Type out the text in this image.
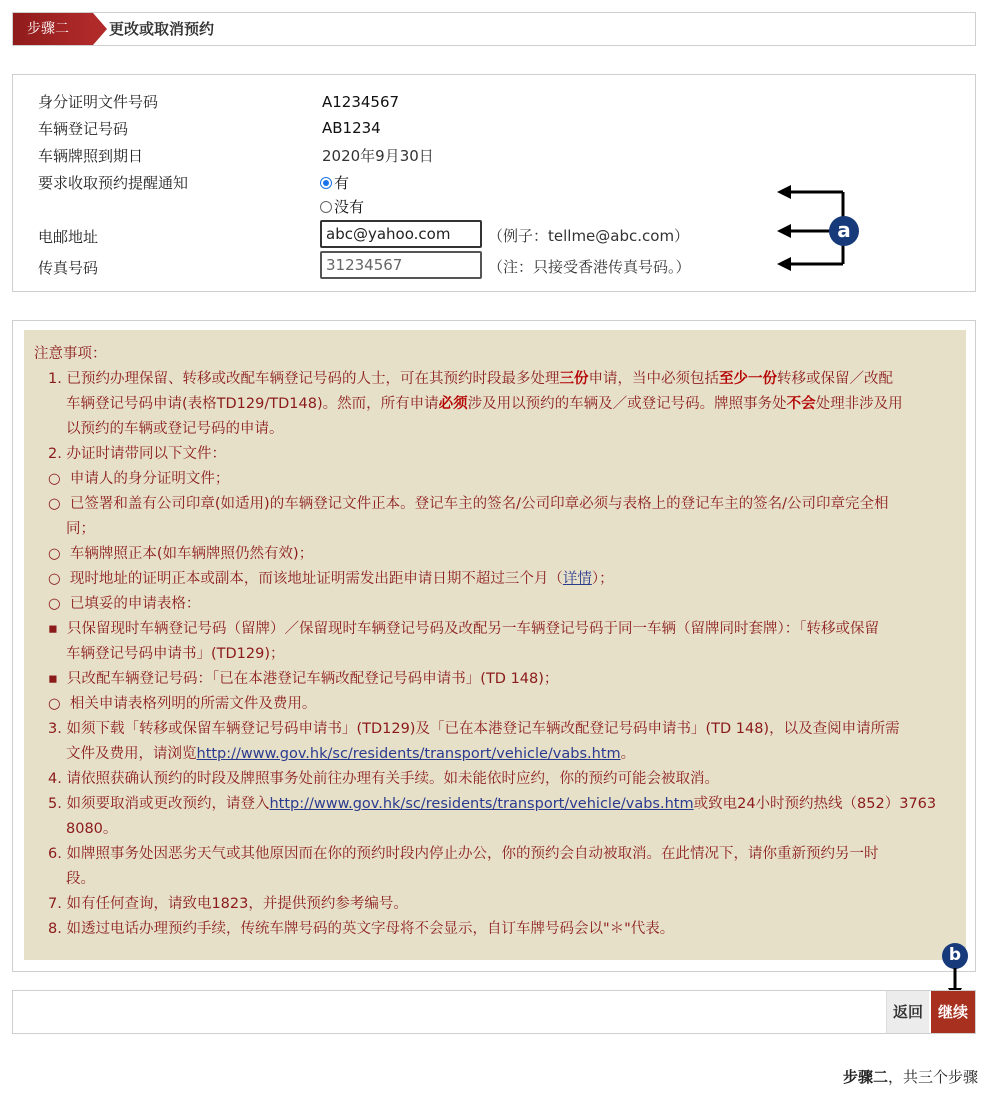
步骤二	更改或取消预约
身分证明文件号码	A1234567
车辆登记号码	AB1234
车辆牌照到期日	2020年9月30日
要求收取预约提醒通知	有
没有
电邮地址	abc@yahoo.com	（例子：tellme@abc.com）
传真号码	31234567	（注：只接受香港传真号码。）
a
注意事项：
1. 已预约办理保留、转移或改配车辆登记号码的人士，可在其预约时段最多处理三份申请，当中必须包括至少一份转移或保留／改配
车辆登记号码申请(表格TD129/TD148)。然而，所有申请必须涉及用以预约的车辆及／或登记号码。牌照事务处不会处理非涉及用
以预约的车辆或登记号码的申请。
2. 办证时请带同以下文件：
○ 申请人的身分证明文件；
○ 已签署和盖有公司印章(如适用)的车辆登记文件正本。登记车主的签名/公司印章必须与表格上的登记车主的签名/公司印章完全相
同；
○ 车辆牌照正本(如车辆牌照仍然有效)；
○ 现时地址的证明正本或副本，而该地址证明需发出距申请日期不超过三个月（详情）；
○ 已填妥的申请表格：
▪ 只保留现时车辆登记号码（留牌）／保留现时车辆登记号码及改配另一车辆登记号码于同一车辆（留牌同时套牌）：「转移或保留
车辆登记号码申请书」(TD129)；
▪ 只改配车辆登记号码：「已在本港登记车辆改配登记号码申请书」(TD 148)；
○ 相关申请表格列明的所需文件及费用。
3. 如须下载「转移或保留车辆登记号码申请书」(TD129)及「已在本港登记车辆改配登记号码申请书」(TD 148)，以及查阅申请所需
文件及费用，请浏览http://www.gov.hk/sc/residents/transport/vehicle/vabs.htm。
4. 请依照获确认预约的时段及牌照事务处前往办理有关手续。如未能依时应约，你的预约可能会被取消。
5. 如须要取消或更改预约，请登入http://www.gov.hk/sc/residents/transport/vehicle/vabs.htm或致电24小时预约热线（852）3763
8080。
6. 如牌照事务处因恶劣天气或其他原因而在你的预约时段内停止办公，你的预约会自动被取消。在此情况下，请你重新预约另一时
段。
7. 如有任何查询，请致电1823，并提供预约参考编号。
8. 如透过电话办理预约手续，传统车牌号码的英文字母将不会显示，自订车牌号码会以"＊"代表。
b
返回 继续
步骤二，共三个步骤
